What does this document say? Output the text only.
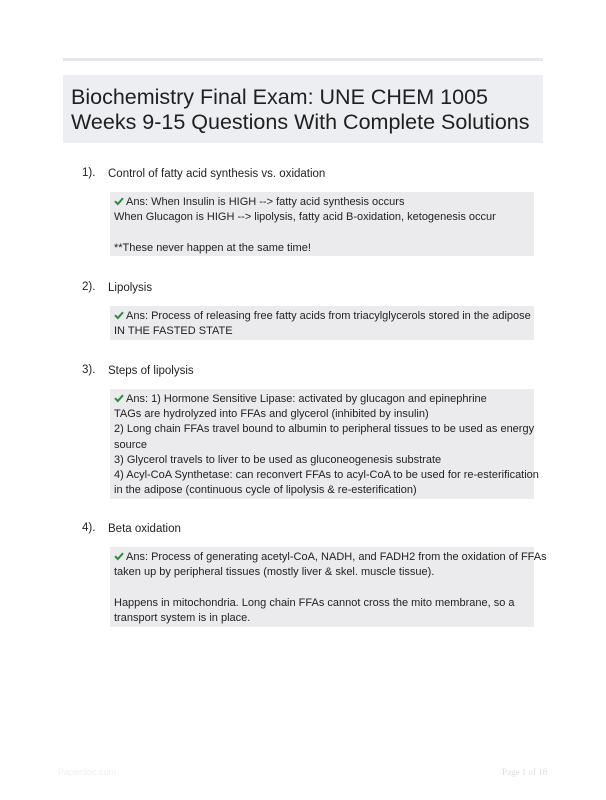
Biochemistry Final Exam: UNE CHEM 1005
Weeks 9-15 Questions With Complete Solutions
1). Control of fatty acid synthesis vs. oxidation
Ans: When Insulin is HIGH --> fatty acid synthesis occurs
When Glucagon is HIGH --> lipolysis, fatty acid B-oxidation, ketogenesis occur
**These never happen at the same time!
2). Lipolysis
Ans: Process of releasing free fatty acids from triacylglycerols stored in the adipose
IN THE FASTED STATE
3). Steps of lipolysis
Ans: 1) Hormone Sensitive Lipase: activated by glucagon and epinephrine
TAGs are hydrolyzed into FFAs and glycerol (inhibited by insulin)
2) Long chain FFAs travel bound to albumin to peripheral tissues to be used as energy
source
3) Glycerol travels to liver to be used as gluconeogenesis substrate
4) Acyl-CoA Synthetase: can reconvert FFAs to acyl-CoA to be used for re-esterification
in the adipose (continuous cycle of lipolysis & re-esterification)
4). Beta oxidation
Ans: Process of generating acetyl-CoA, NADH, and FADH2 from the oxidation of FFAs
taken up by peripheral tissues (mostly liver & skel. muscle tissue).
Happens in mitochondria. Long chain FFAs cannot cross the mito membrane, so a
transport system is in place.
Paperdoc.com	Page 1 of 18
